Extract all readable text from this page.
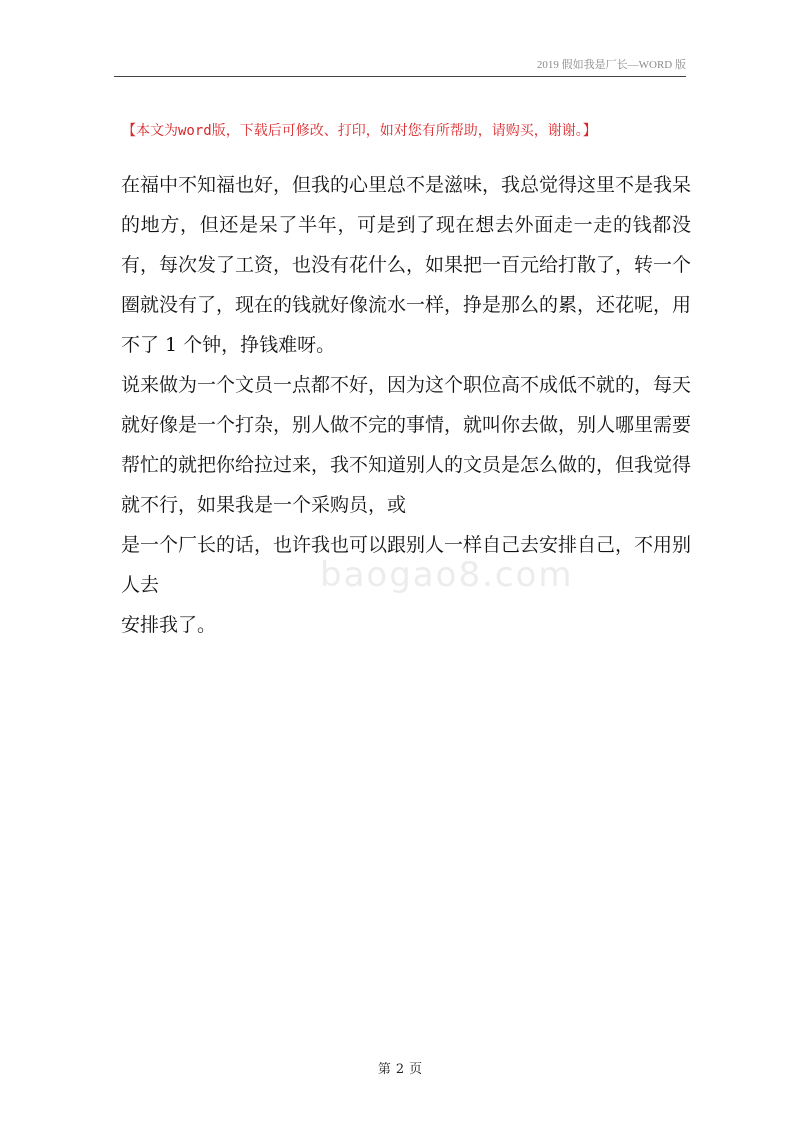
2019 假如我是厂长—WORD 版
【本文为word版，下载后可修改、打印，如对您有所帮助，请购买，谢谢。】

在福中不知福也好，但我的心里总不是滋味，我总觉得这里不是我呆的地方，但还是呆了半年，可是到了现在想去外面走一走的钱都没有，每次发了工资，也没有花什么，如果把一百元给打散了，转一个圈就没有了，现在的钱就好像流水一样，挣是那么的累，还花呢，用不了 1 个钟，挣钱难呀。

说来做为一个文员一点都不好，因为这个职位高不成低不就的，每天就好像是一个打杂，别人做不完的事情，就叫你去做，别人哪里需要帮忙的就把你给拉过来，我不知道别人的文员是怎么做的，但我觉得就不行，如果我是一个采购员，或

是一个厂长的话，也许我也可以跟别人一样自己去安排自己，不用别人去

安排我了。

baogao8.com
第 2 页
